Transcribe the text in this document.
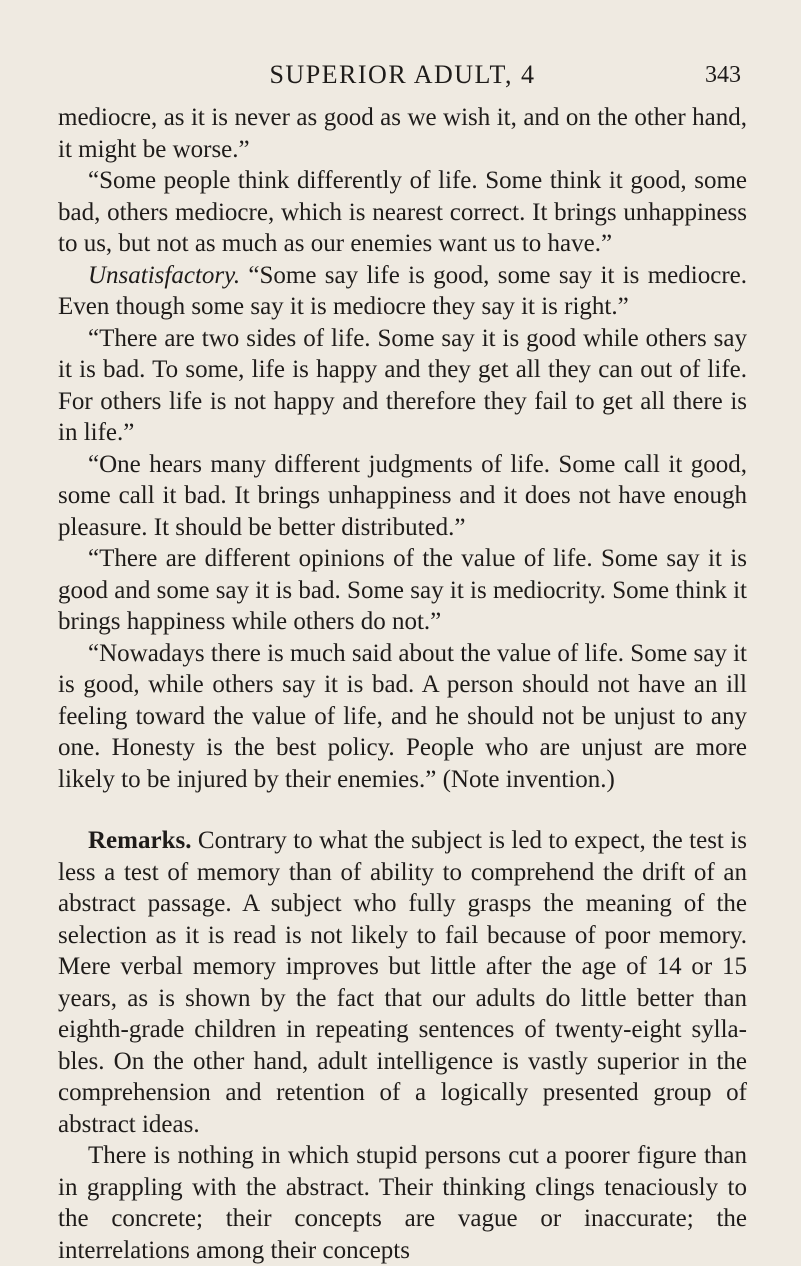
SUPERIOR ADULT, 4	343

mediocre, as it is never as good as we wish it, and on the other hand, it might be worse.”

“Some people think differently of life. Some think it good, some bad, others mediocre, which is nearest correct. It brings unhappiness to us, but not as much as our enemies want us to have.”

Unsatisfactory. “Some say life is good, some say it is mediocre. Even though some say it is mediocre they say it is right.”

“There are two sides of life. Some say it is good while others say it is bad. To some, life is happy and they get all they can out of life. For others life is not happy and therefore they fail to get all there is in life.”

“One hears many different judgments of life. Some call it good, some call it bad. It brings unhappiness and it does not have enough pleasure. It should be better distributed.”

“There are different opinions of the value of life. Some say it is good and some say it is bad. Some say it is mediocrity. Some think it brings happiness while others do not.”

“Nowadays there is much said about the value of life. Some say it is good, while others say it is bad. A person should not have an ill feeling toward the value of life, and he should not be unjust to any one. Honesty is the best policy. People who are unjust are more likely to be injured by their enemies.” (Note invention.)

Remarks. Contrary to what the subject is led to expect, the test is less a test of memory than of ability to comprehend the drift of an abstract passage. A subject who fully grasps the meaning of the selection as it is read is not likely to fail because of poor memory. Mere verbal memory improves but little after the age of 14 or 15 years, as is shown by the fact that our adults do little better than eighth-grade children in repeating sentences of twenty-eight syllables. On the other hand, adult intelligence is vastly superior in the comprehension and retention of a logically presented group of abstract ideas.

There is nothing in which stupid persons cut a poorer figure than in grappling with the abstract. Their thinking clings tenaciously to the concrete; their concepts are vague or inaccurate; the interrelations among their concepts
